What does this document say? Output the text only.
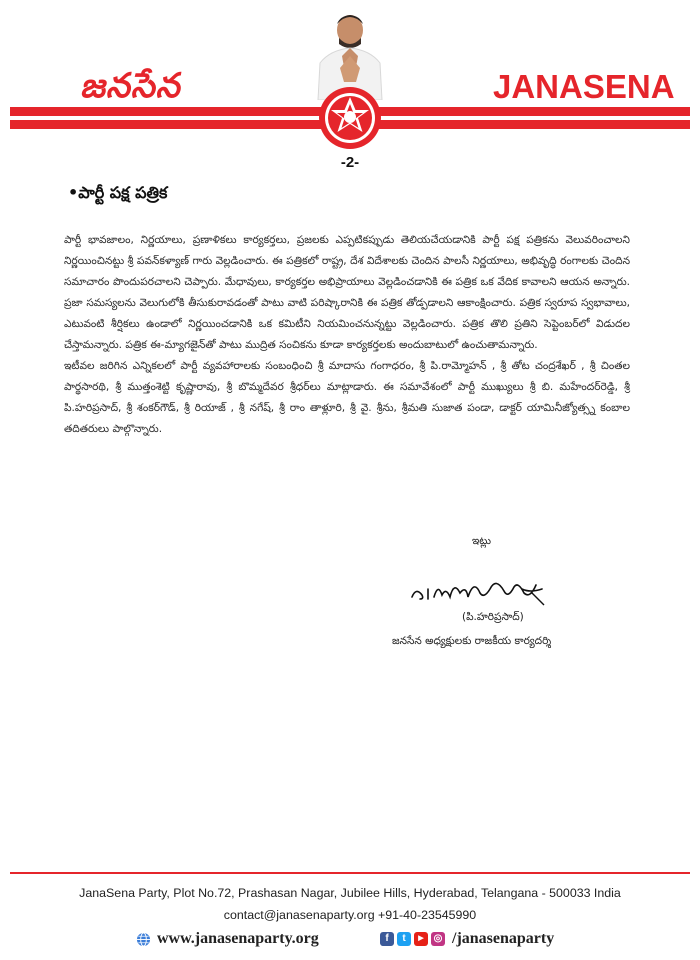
జనసేన	JANASENA
-2-
•పార్టీ పక్ష పత్రిక

పార్టీ భావజాలం, నిర్ణయాలు, ప్రణాళికలు కార్యకర్తలు, ప్రజలకు ఎప్పటికప్పుడు తెలియచేయడానికి పార్టీ పక్ష పత్రికను వెలువరించాలని నిర్ణయించినట్టు శ్రీ పవన్‌కళ్యాణ్ గారు వెల్లడించారు. ఈ పత్రికలో రాష్ట్ర, దేశ విదేశాలకు చెందిన పాలసీ నిర్ణయాలు, అభివృద్ధి రంగాలకు చెందిన సమాచారం పొందుపరచాలని చెప్పారు. మేధావులు, కార్యకర్తల అభిప్రాయాలు వెల్లడించడానికి ఈ పత్రిక ఒక వేదిక కావాలని ఆయన అన్నారు. ప్రజా సమస్యలను వెలుగులోకి తీసుకురావడంతో పాటు వాటి పరిష్కారానికి ఈ పత్రిక తోడ్పడాలని ఆకాంక్షించారు. పత్రిక స్వరూప స్వభావాలు, ఎటువంటి శీర్షికలు ఉండాలో నిర్ణయించడానికి ఒక కమిటీని నియమించనున్నట్టు వెల్లడించారు. పత్రిక తొలి ప్రతిని సెప్టెంబర్‌లో విడుదల చేస్తామన్నారు. పత్రిక ఈ-మ్యాగజైన్‌తో పాటు ముద్రిత సంచికను కూడా కార్యకర్తలకు అందుబాటులో ఉంచుతామన్నారు.

ఇటీవల జరిగిన ఎన్నికలలో పార్టీ వ్యవహారాలకు సంబంధించి శ్రీ మాదాసు గంగాధరం, శ్రీ పి.రామ్మోహన్ , శ్రీ తోట చంద్రశేఖర్ , శ్రీ చింతల పార్థసారథి, శ్రీ ముత్తంశెట్టి కృష్ణారావు, శ్రీ బొమ్మదేవర శ్రీధర్‌లు మాట్లాడారు. ఈ సమావేశంలో పార్టీ ముఖ్యులు శ్రీ బి. మహేందర్‌రెడ్డి, శ్రీ పి.హరిప్రసాద్, శ్రీ శంకర్‌గౌడ్, శ్రీ రియాజ్ , శ్రీ నగేష్, శ్రీ రాం తాళ్లూరి, శ్రీ వై. శ్రీను, శ్రీమతి సుజాత పండా, డాక్టర్ యామినీజ్యోత్స్న కంబాల తదితరులు పాల్గొన్నారు.

ఇట్లు
(పి.హరిప్రసాద్)
జనసేన అధ్యక్షులకు రాజకీయ కార్యదర్శి
JanaSena Party, Plot No.72, Prashasan Nagar, Jubilee Hills, Hyderabad, Telangana - 500033 India
contact@janasenaparty.org +91-40-23545990
www.janasenaparty.org	f	t	▶ ◎ /janasenaparty
